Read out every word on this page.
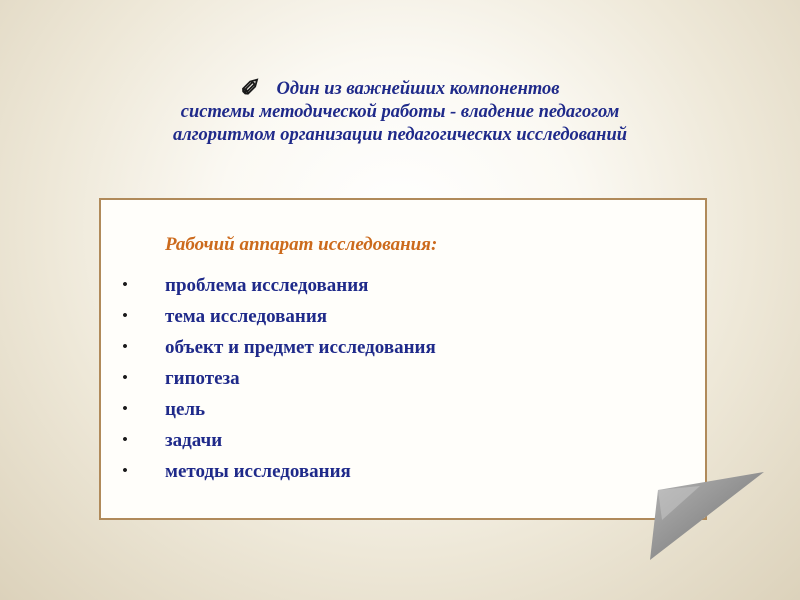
✐ Один из важнейших компонентов
системы методической работы - владение педагогом
алгоритмом организации педагогических исследований
Рабочий аппарат исследования:
•	проблема исследования
•	тема исследования
•	объект и предмет исследования
•	гипотеза
•	цель
•	задачи
•	методы исследования
